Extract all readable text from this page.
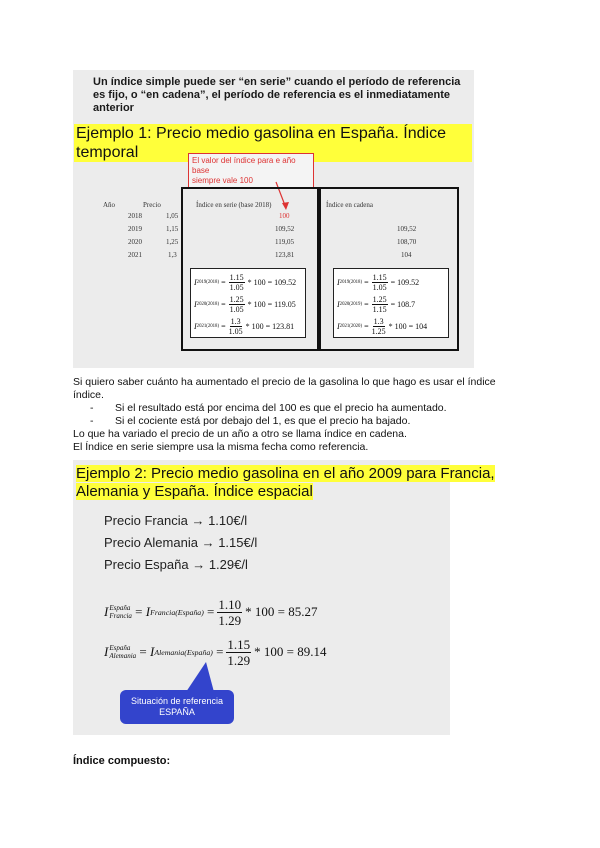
Un índice simple puede ser “en serie” cuando el período de referencia
es fijo, o “en cadena”, el período de referencia es el inmediatamente
anterior
Ejemplo 1: Precio medio gasolina en España. Índice temporal	El valor del índice para e año base
siempre vale 100
Año	Precio	Índice en serie (base 2018)	Índice en cadena
2018	1,05	100
2019	1,15	109,52	109,52
2020	1,25	119,05	108,70
2021	1,3	123,81	104
I $2019(2018) = \frac{1.15}{1.05} * 100 = 109.52$
I $2020(2018) = \frac{1.25}{1.05} * 100 = 119.05$
I $2021(2018) = \frac{1.3}{1.05} * 100 = 123.81$
I $2019(2018) = \frac{1.15}{1.05} = 109.52$
I $2020(2019) = \frac{1.25}{1.15} = 108.7$
I $2021(2020) = \frac{1.3}{1.25} * 100 = 104$
Si quiero saber cuánto ha aumentado el precio de la gasolina lo que hago es usar el índice
índice.
-	Si el resultado está por encima del 100 es que el precio ha aumentado.
-	Si el cociente está por debajo del 1, es que el precio ha bajado.
Lo que ha variado el precio de un año a otro se llama índice en cadena.
El Índice en serie siempre usa la misma fecha como referencia.
Ejemplo 2: Precio medio gasolina en el año 2009 para Francia,
Alemania y España. Índice espacial
Precio Francia → 1.10€/l
Precio Alemania → 1.15€/l
Precio España → 1.29€/l
I España
Francia = I Francia(España) = $\frac{1.10}{1.29} * 100 = 85.27$
I España
Alemania = I Alemania(España) = $\frac{1.15}{1.29} * 100 = 89.14$
Situación de referencia
ESPAÑA
Índice compuesto:
